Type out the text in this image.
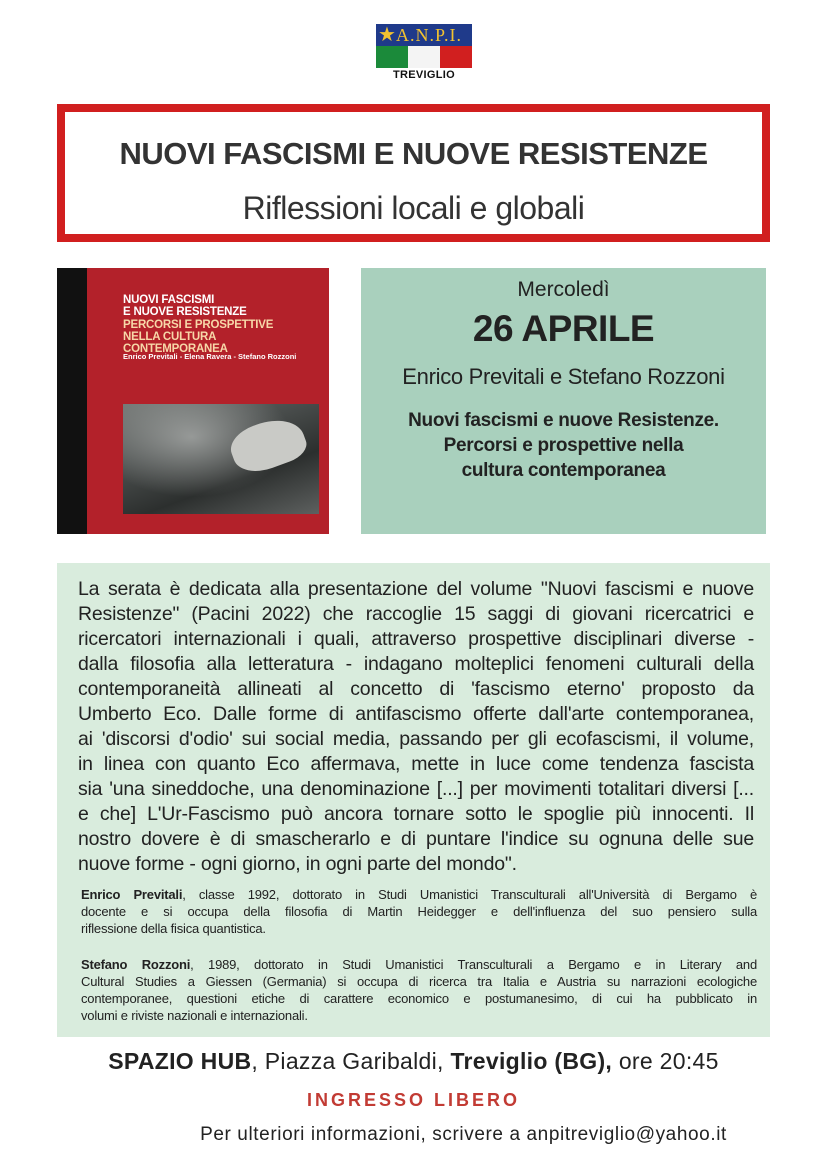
★ A.N.P.I.
TREVIGLIO
NUOVI FASCISMI E NUOVE RESISTENZE
Riflessioni locali e globali
NUOVI FASCISMI
E NUOVE RESISTENZE
PERCORSI E PROSPETTIVE
NELLA CULTURA CONTEMPORANEA
Enrico Previtali - Elena Ravera - Stefano Rozzoni
Mercoledì
26 APRILE
Enrico Previtali e Stefano Rozzoni
Nuovi fascismi e nuove Resistenze.
Percorsi e prospettive nella
cultura contemporanea
La serata è dedicata alla presentazione del volume "Nuovi fascismi e nuove
Resistenze" (Pacini 2022) che raccoglie 15 saggi di giovani ricercatrici e
ricercatori internazionali i quali, attraverso prospettive disciplinari diverse -
dalla filosofia alla letteratura - indagano molteplici fenomeni culturali della
contemporaneità allineati al concetto di 'fascismo eterno' proposto da
Umberto Eco. Dalle forme di antifascismo offerte dall'arte contemporanea,
ai 'discorsi d'odio' sui social media, passando per gli ecofascismi, il volume,
in linea con quanto Eco affermava, mette in luce come tendenza fascista
sia 'una sineddoche, una denominazione [...] per movimenti totalitari diversi [...
e che] L'Ur-Fascismo può ancora tornare sotto le spoglie più innocenti. Il
nostro dovere è di smascherarlo e di puntare l'indice su ognuna delle sue
nuove forme - ogni giorno, in ogni parte del mondo".
Enrico Previtali, classe 1992, dottorato in Studi Umanistici Transculturali all'Università di Bergamo è
docente e si occupa della filosofia di Martin Heidegger e dell'influenza del suo pensiero sulla
riflessione della fisica quantistica.
Stefano Rozzoni, 1989, dottorato in Studi Umanistici Transculturali a Bergamo e in Literary and
Cultural Studies a Giessen (Germania) si occupa di ricerca tra Italia e Austria su narrazioni ecologiche
contemporanee, questioni etiche di carattere economico e postumanesimo, di cui ha pubblicato in
volumi e riviste nazionali e internazionali.
SPAZIO HUB, Piazza Garibaldi, Treviglio (BG), ore 20:45
INGRESSO LIBERO
Per ulteriori informazioni, scrivere a anpitreviglio@yahoo.it
